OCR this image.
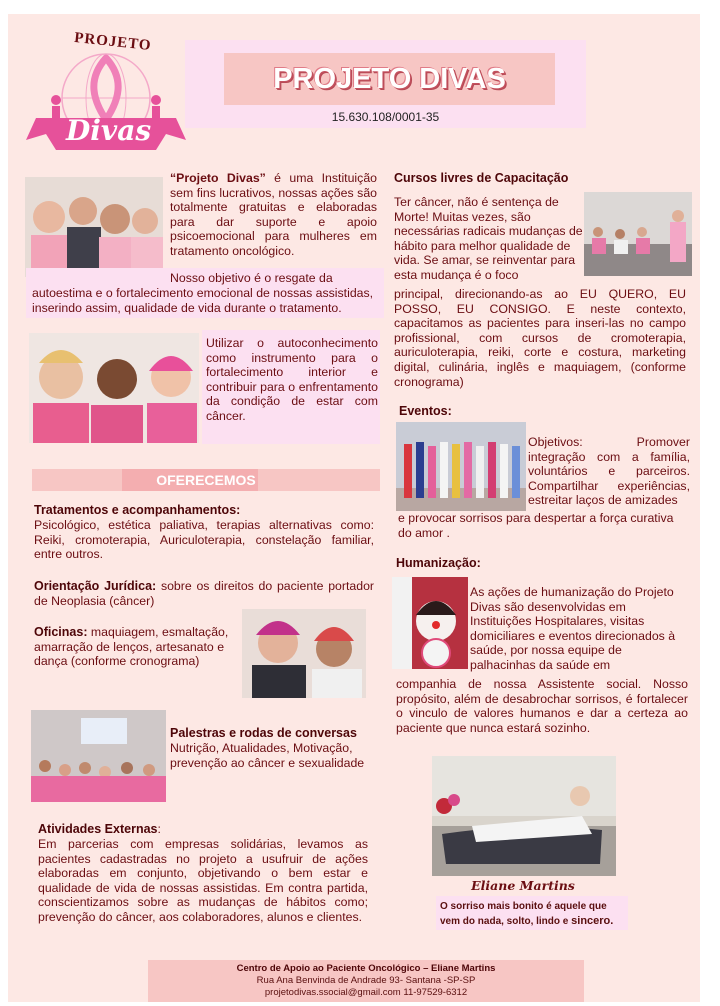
PROJETO
Divas
PROJETO DIVAS
15.630.108/0001-35
“Projeto Divas” é uma Instituição sem fins lucrativos, nossas ações são totalmente gratuitas e elaboradas para dar suporte e apoio psicoemocional para mulheres em tratamento oncológico.
Nosso objetivo é o resgate da
autoestima e o fortalecimento emocional de nossas assistidas, inserindo assim, qualidade de vida durante o tratamento.
Utilizar o autoconhecimento como instrumento para o fortalecimento interior e contribuir para o enfrentamento da condição de estar com câncer.
OFERECEMOS
Tratamentos e acompanhamentos:
Psicológico, estética paliativa, terapias alternativas como: Reiki, cromoterapia, Auriculoterapia, constelação familiar, entre outros.
Orientação Jurídica: sobre os direitos do paciente portador de Neoplasia (câncer)
Oficinas: maquiagem, esmaltação, amarração de lenços, artesanato e dança (conforme cronograma)
Palestras e rodas de conversas
Nutrição, Atualidades, Motivação, prevenção ao câncer e sexualidade
Atividades Externas:
Em parcerias com empresas solidárias, levamos as pacientes cadastradas no projeto a usufruir de ações elaboradas em conjunto, objetivando o bem estar e qualidade de vida de nossas assistidas. Em contra partida, conscientizamos sobre as mudanças de hábitos como; prevenção do câncer, aos colaboradores, alunos e clientes.
Cursos livres de Capacitação
Ter câncer, não é sentença de Morte! Muitas vezes, são necessárias radicais mudanças de hábito para melhor qualidade de vida. Se amar, se reinventar para esta mudança é o foco
principal, direcionando-as ao EU QUERO, EU POSSO, EU CONSIGO. E neste contexto, capacitamos as pacientes para inseri-las no campo profissional, com cursos de cromoterapia, auriculoterapia, reiki, corte e costura, marketing digital, culinária, inglês e maquiagem, (conforme cronograma)
Eventos:
Objetivos: Promover integração com a família, voluntários e parceiros. Compartilhar experiências, estreitar laços de amizades
e provocar sorrisos para despertar a força curativa do amor .
Humanização:
As ações de humanização do Projeto Divas são desenvolvidas em Instituições Hospitalares, visitas domiciliares e eventos direcionados à saúde, por nossa equipe de palhacinhas da saúde em
companhia de nossa Assistente social. Nosso propósito, além de desabrochar sorrisos, é fortalecer o vinculo de valores humanos e dar a certeza ao paciente que nunca estará sozinho.
Eliane Martins
O sorriso mais bonito é aquele que vem do nada, solto, lindo e sincero.
Centro de Apoio ao Paciente Oncológico – Eliane Martins
Rua Ana Benvinda de Andrade 93- Santana -SP-SP
projetodivas.ssocial@gmail.com 11-97529-6312
